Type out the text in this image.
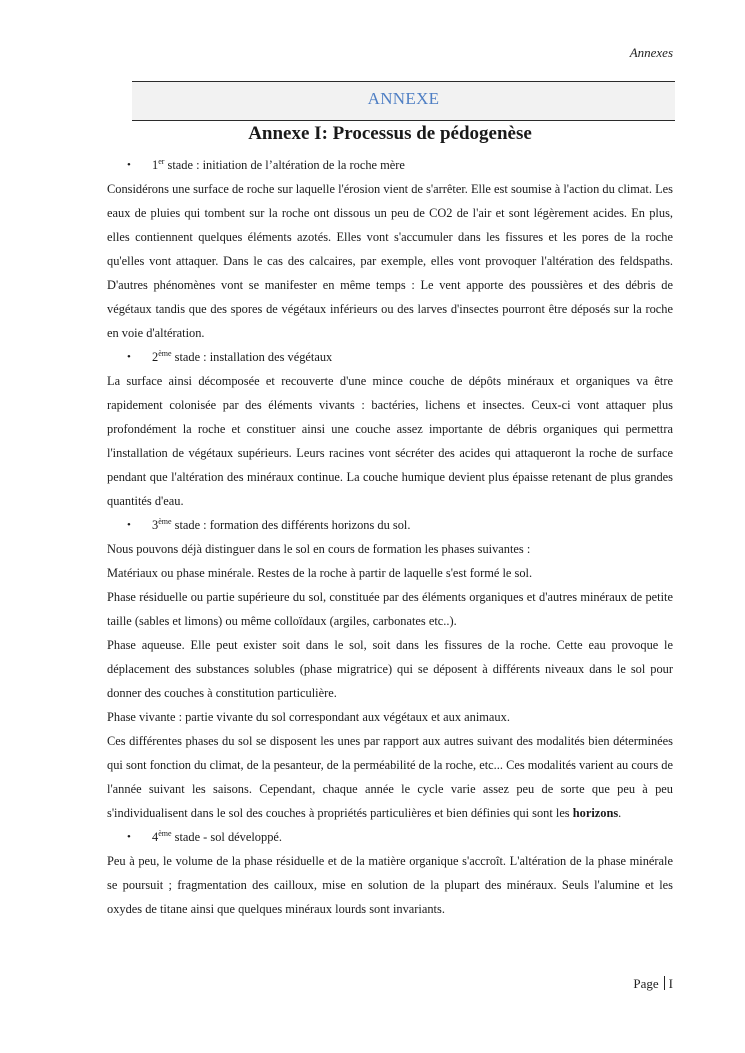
Annexes
ANNEXE
Annexe I: Processus de pédogenèse
• 1er stade : initiation de l’altération de la roche mère

Considérons une surface de roche sur laquelle l'érosion vient de s'arrêter. Elle est soumise à l'action du climat. Les eaux de pluies qui tombent sur la roche ont dissous un peu de CO2 de l'air et sont légèrement acides. En plus, elles contiennent quelques éléments azotés. Elles vont s'accumuler dans les fissures et les pores de la roche qu'elles vont attaquer. Dans le cas des calcaires, par exemple, elles vont provoquer l'altération des feldspaths. D'autres phénomènes vont se manifester en même temps : Le vent apporte des poussières et des débris de végétaux tandis que des spores de végétaux inférieurs ou des larves d'insectes pourront être déposés sur la roche en voie d'altération.

• 2ème stade : installation des végétaux

La surface ainsi décomposée et recouverte d'une mince couche de dépôts minéraux et organiques va être rapidement colonisée par des éléments vivants : bactéries, lichens et insectes. Ceux-ci vont attaquer plus profondément la roche et constituer ainsi une couche assez importante de débris organiques qui permettra l'installation de végétaux supérieurs. Leurs racines vont sécréter des acides qui attaqueront la roche de surface pendant que l'altération des minéraux continue. La couche humique devient plus épaisse retenant de plus grandes quantités d'eau.

• 3ème stade : formation des différents horizons du sol.

Nous pouvons déjà distinguer dans le sol en cours de formation les phases suivantes :

Matériaux ou phase minérale. Restes de la roche à partir de laquelle s'est formé le sol.

Phase résiduelle ou partie supérieure du sol, constituée par des éléments organiques et d'autres minéraux de petite taille (sables et limons) ou même colloïdaux (argiles, carbonates etc..).

Phase aqueuse. Elle peut exister soit dans le sol, soit dans les fissures de la roche. Cette eau provoque le déplacement des substances solubles (phase migratrice) qui se déposent à différents niveaux dans le sol pour donner des couches à constitution particulière.

Phase vivante : partie vivante du sol correspondant aux végétaux et aux animaux.

Ces différentes phases du sol se disposent les unes par rapport aux autres suivant des modalités bien déterminées qui sont fonction du climat, de la pesanteur, de la perméabilité de la roche, etc... Ces modalités varient au cours de l'année suivant les saisons. Cependant, chaque année le cycle varie assez peu de sorte que peu à peu s'individualisent dans le sol des couches à propriétés particulières et bien définies qui sont les horizons.

• 4ème stade - sol développé.

Peu à peu, le volume de la phase résiduelle et de la matière organique s'accroît. L'altération de la phase minérale se poursuit ; fragmentation des cailloux, mise en solution de la plupart des minéraux. Seuls l'alumine et les oxydes de titane ainsi que quelques minéraux lourds sont invariants.

Page I
